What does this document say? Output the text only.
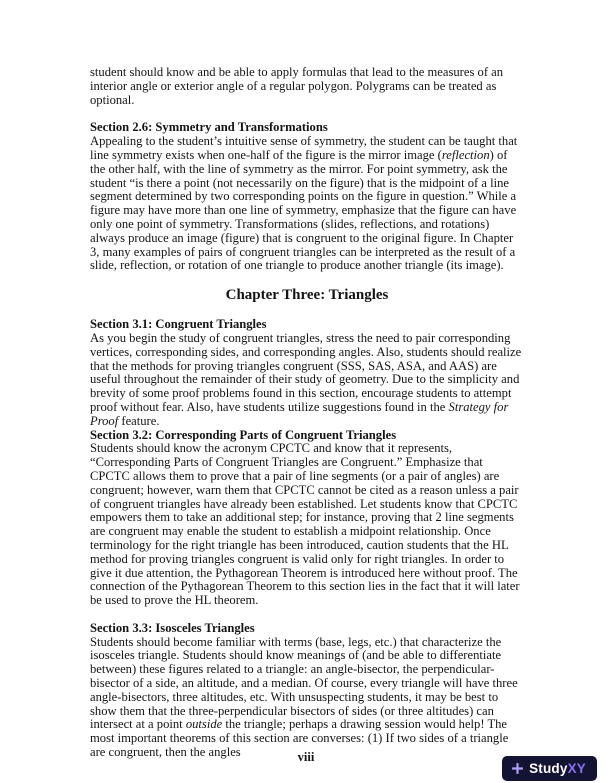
student should know and be able to apply formulas that lead to the measures of an interior angle or exterior angle of a regular polygon. Polygrams can be treated as optional.

Section 2.6: Symmetry and Transformations

Appealing to the student’s intuitive sense of symmetry, the student can be taught that line symmetry exists when one-half of the figure is the mirror image (reflection) of the other half, with the line of symmetry as the mirror. For point symmetry, ask the student “is there a point (not necessarily on the figure) that is the midpoint of a line segment determined by two corresponding points on the figure in question.” While a figure may have more than one line of symmetry, emphasize that the figure can have only one point of symmetry. Transformations (slides, reflections, and rotations) always produce an image (figure) that is congruent to the original figure. In Chapter 3, many examples of pairs of congruent triangles can be interpreted as the result of a slide, reflection, or rotation of one triangle to produce another triangle (its image).

Chapter Three: Triangles

Section 3.1: Congruent Triangles

As you begin the study of congruent triangles, stress the need to pair corresponding vertices, corresponding sides, and corresponding angles. Also, students should realize that the methods for proving triangles congruent (SSS, SAS, ASA, and AAS) are useful throughout the remainder of their study of geometry. Due to the simplicity and brevity of some proof problems found in this section, encourage students to attempt proof without fear. Also, have students utilize suggestions found in the Strategy for Proof feature.

Section 3.2: Corresponding Parts of Congruent Triangles

Students should know the acronym CPCTC and know that it represents, “Corresponding Parts of Congruent Triangles are Congruent.” Emphasize that CPCTC allows them to prove that a pair of line segments (or a pair of angles) are congruent; however, warn them that CPCTC cannot be cited as a reason unless a pair of congruent triangles have already been established. Let students know that CPCTC empowers them to take an additional step; for instance, proving that 2 line segments are congruent may enable the student to establish a midpoint relationship. Once terminology for the right triangle has been introduced, caution students that the HL method for proving triangles congruent is valid only for right triangles. In order to give it due attention, the Pythagorean Theorem is introduced here without proof. The connection of the Pythagorean Theorem to this section lies in the fact that it will later be used to prove the HL theorem.

Section 3.3: Isosceles Triangles

Students should become familiar with terms (base, legs, etc.) that characterize the isosceles triangle. Students should know meanings of (and be able to differentiate between) these figures related to a triangle: an angle-bisector, the perpendicular-bisector of a side, an altitude, and a median. Of course, every triangle will have three angle-bisectors, three altitudes, etc. With unsuspecting students, it may be best to show them that the three-perpendicular bisectors of sides (or three altitudes) can intersect at a point outside the triangle; perhaps a drawing session would help! The most important theorems of this section are converses: (1) If two sides of a triangle are congruent, then the angles	viii
StudyXY
